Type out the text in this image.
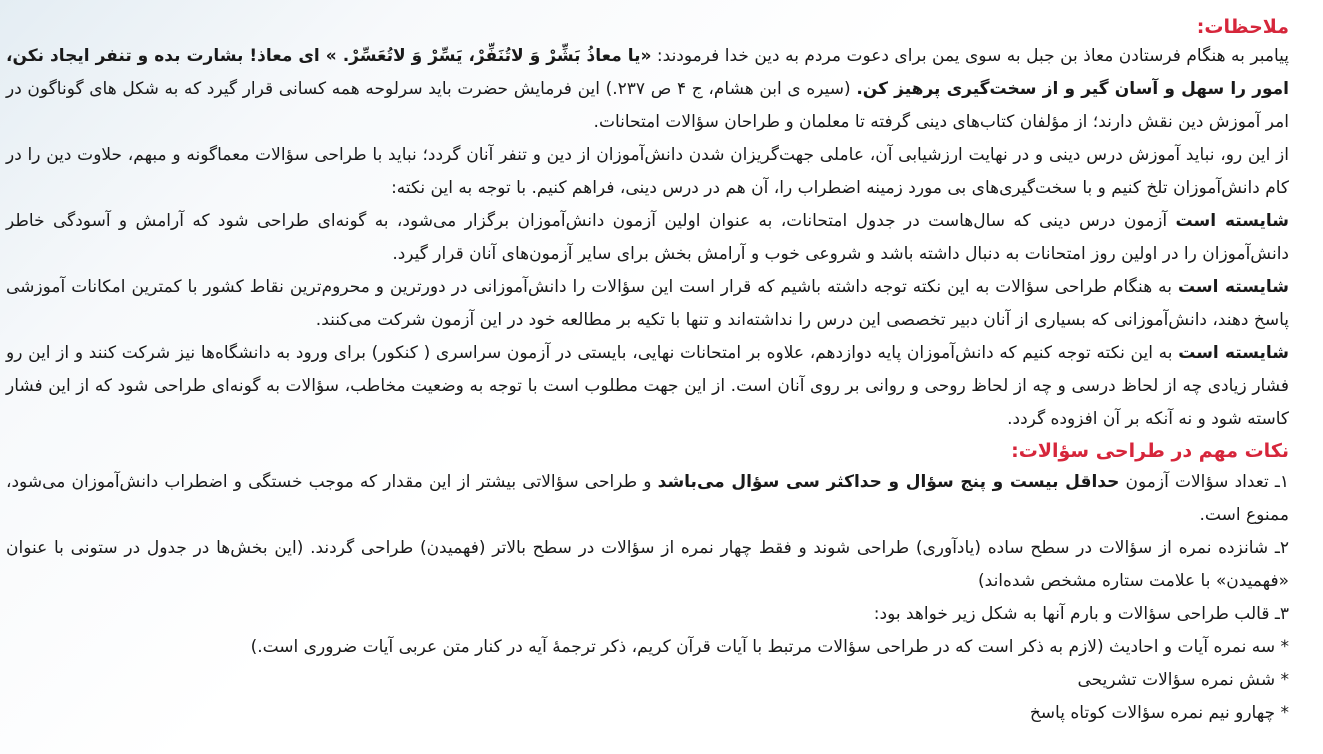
ملاحظات:

پیامبر به هنگام فرستادن معاذ بن جبل به سوی یمن برای دعوت مردم به دین خدا فرمودند: «یا معاذُ بَشِّرْ وَ لاتُنَفِّرْ، یَسِّرْ وَ لاتُعَسِّرْ. » ای معاذ! بشارت بده و تنفر ایجاد نکن، امور را سهل و آسان گیر و از سخت‌گیری پرهیز کن. (سیره ی ابن هشام، ج ۴ ص ۲۳۷.) این فرمایش حضرت باید سرلوحه همه کسانی قرار گیرد که به شکل های گوناگون در امر آموزش دین نقش دارند؛ از مؤلفان کتاب‌های دینی گرفته تا معلمان و طراحان سؤالات امتحانات.

از این رو، نباید آموزش درس دینی و در نهایت ارزشیابی آن، عاملی جهت‌گریزان شدن دانش‌آموزان از دین و تنفر آنان گردد؛ نباید با طراحی سؤالات معماگونه و مبهم، حلاوت دین را در کام دانش‌آموزان تلخ کنیم و با سخت‌گیری‌های بی مورد زمینه اضطراب را، آن هم در درس دینی، فراهم کنیم. با توجه به این نکته:

شایسته است آزمون درس دینی که سال‌هاست در جدول امتحانات، به عنوان اولین آزمون دانش‌آموزان برگزار می‌شود، به گونه‌ای طراحی شود که آرامش و آسودگی خاطر دانش‌آموزان را در اولین روز امتحانات به دنبال داشته باشد و شروعی خوب و آرامش بخش برای سایر آزمون‌های آنان قرار گیرد.

شایسته است به هنگام طراحی سؤالات به این نکته توجه داشته باشیم که قرار است این سؤالات را دانش‌آموزانی در دورترین و محروم‌ترین نقاط کشور با کمترین امکانات آموزشی پاسخ دهند، دانش‌آموزانی که بسیاری از آنان دبیر تخصصی این درس را نداشته‌اند و تنها با تکیه بر مطالعه خود در این آزمون شرکت می‌کنند.

شایسته است به این نکته توجه کنیم که دانش‌آموزان پایه دوازدهم، علاوه بر امتحانات نهایی، بایستی در آزمون سراسری ( کنکور) برای ورود به دانشگاه‌ها نیز شرکت کنند و از این رو فشار زیادی چه از لحاظ درسی و چه از لحاظ روحی و روانی بر روی آنان است. از این جهت مطلوب است با توجه به وضعیت مخاطب، سؤالات به گونه‌ای طراحی شود که از این فشار کاسته شود و نه آنکه بر آن افزوده گردد.

نکات مهم در طراحی سؤالات:

۱ـ تعداد سؤالات آزمون حداقل بیست و پنج سؤال و حداکثر سی سؤال می‌باشد و طراحی سؤالاتی بیشتر از این مقدار که موجب خستگی و اضطراب دانش‌آموزان می‌شود، ممنوع است.

۲ـ شانزده نمره از سؤالات در سطح ساده (یادآوری) طراحی شوند و فقط چهار نمره از سؤالات در سطح بالاتر (فهمیدن) طراحی گردند. (این بخش‌ها در جدول در ستونی با عنوان «فهمیدن» با علامت ستاره مشخص شده‌اند)

۳ـ قالب طراحی سؤالات و بارم آنها به شکل زیر خواهد بود:

* سه نمره آیات و احادیث (لازم به ذکر است که در طراحی سؤالات مرتبط با آیات قرآن کریم، ذکر ترجمۀ آیه در کنار متن عربی آیات ضروری است.)

* شش نمره سؤالات تشریحی

* چهارو نیم نمره سؤالات کوتاه پاسخ
